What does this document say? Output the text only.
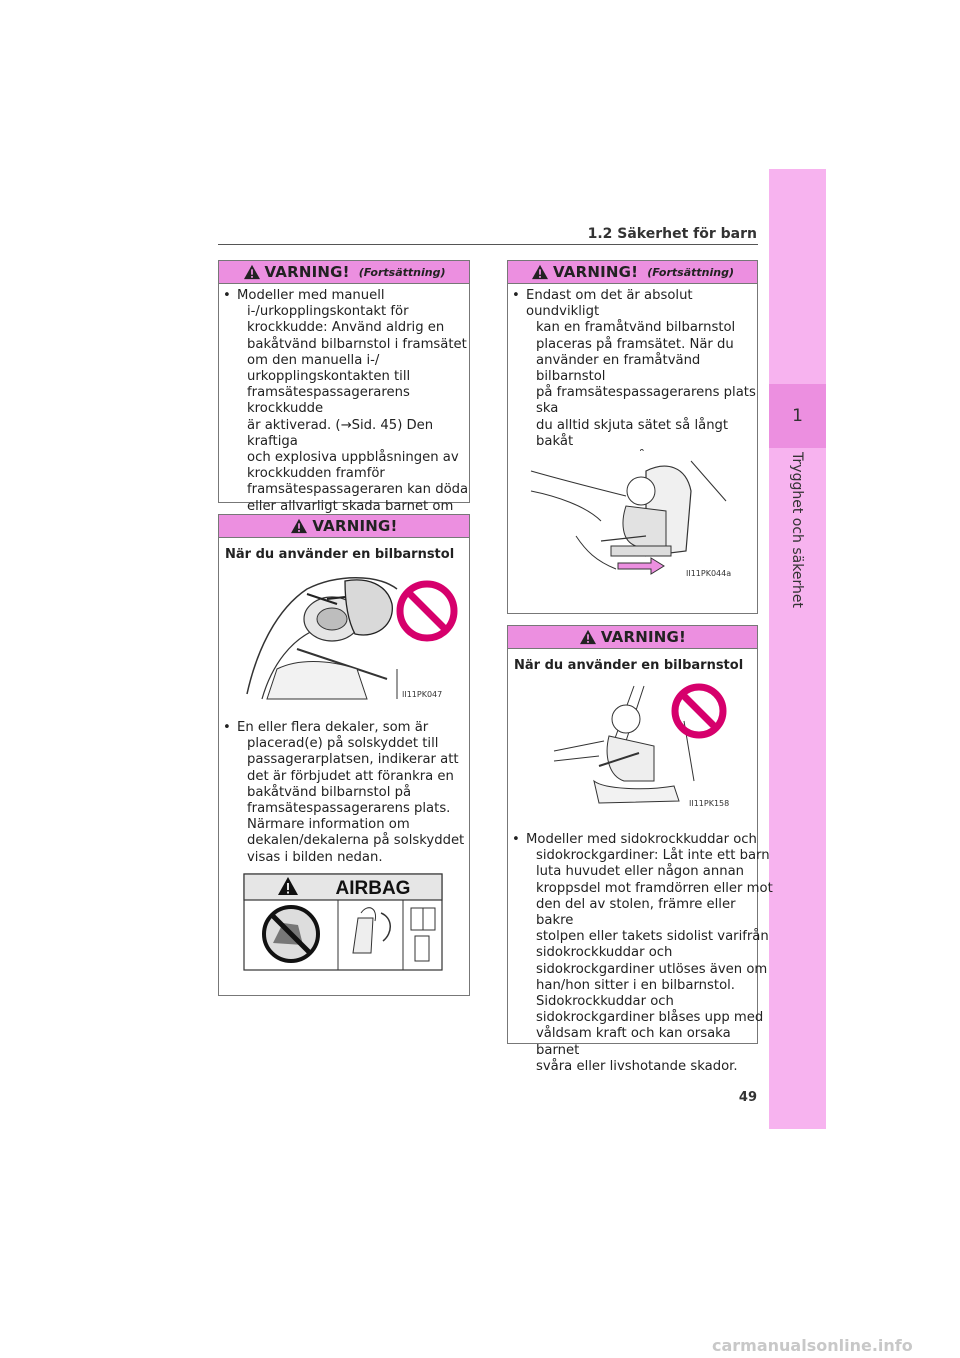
1
Trygghet och säkerhet
1.2 Säkerhet för barn
VARNING! (Fortsättning)
• Modeller med manuell
i-/urkopplingskontakt för
krockkudde: Använd aldrig en
bakåtvänd bilbarnstol i framsätet
om den manuella i-/
urkopplingskontakten till
framsätespassagerarens krockkudde
är aktiverad. (→Sid. 45) Den kraftiga
och explosiva uppblåsningen av
krockkudden framför
framsätespassageraren kan döda
eller allvarligt skada barnet om
VARNING!
När du använder en bilbarnstol
II11PK047
• En eller flera dekaler, som är
placerad(e) på solskyddet till
passagerarplatsen, indikerar att
det är förbjudet att förankra en
bakåtvänd bilbarnstol på
framsätespassagerarens plats.
Närmare information om
dekalen/dekalerna på solskyddet
visas i bilden nedan.
AIRBAG
VARNING! (Fortsättning)
• Endast om det är absolut oundvikligt
kan en framåtvänd bilbarnstol
placeras på framsätet. När du
använder en framåtvänd bilbarnstol
på framsätespassagerarens plats ska
du alltid skjuta sätet så långt bakåt
II11PK044a
VARNING!
När du använder en bilbarnstol
II11PK158
• Modeller med sidokrockkuddar och
sidokrockgardiner: Låt inte ett barn
luta huvudet eller någon annan
kroppsdel mot framdörren eller mot
den del av stolen, främre eller bakre
stolpen eller takets sidolist varifrån
sidokrockkuddar och
sidokrockgardiner utlöses även om
han/hon sitter i en bilbarnstol.
Sidokrockkuddar och
sidokrockgardiner blåses upp med
våldsam kraft och kan orsaka barnet
svåra eller livshotande skador.
49
carmanualsonline.info
